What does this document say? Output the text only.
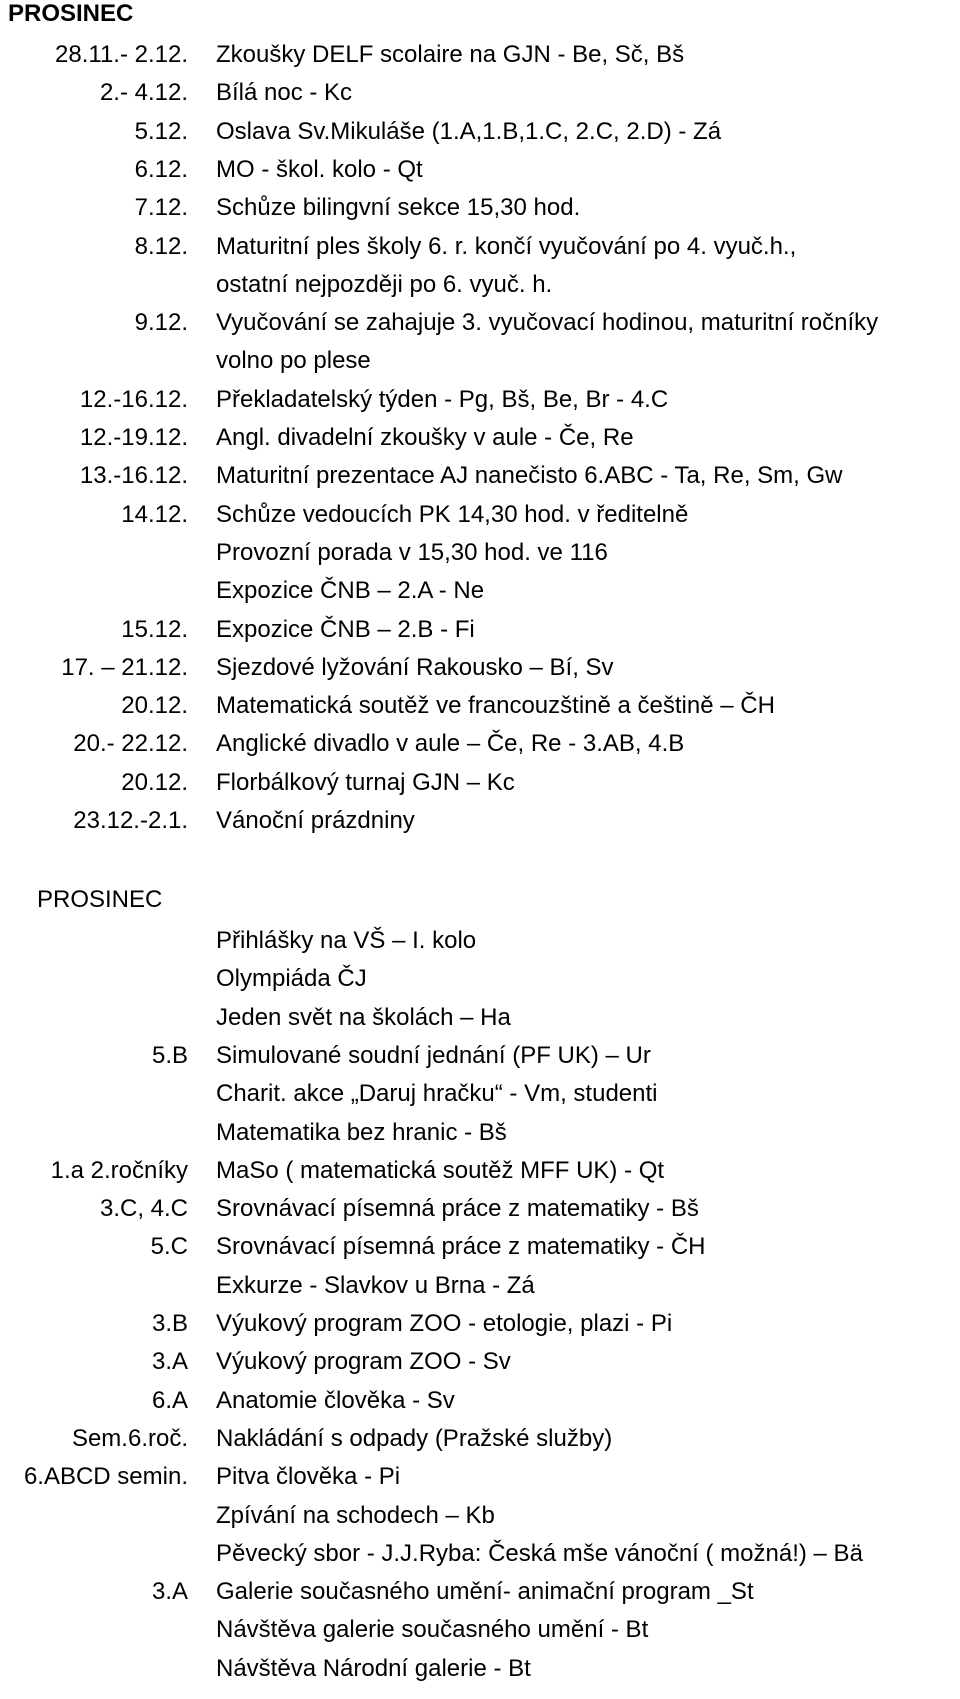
PROSINEC
28.11.- 2.12. Zkoušky DELF scolaire na GJN - Be, Sč, Bš
2.- 4.12. Bílá noc - Kc
5.12. Oslava Sv.Mikuláše (1.A,1.B,1.C, 2.C, 2.D) - Zá
6.12. MO - škol. kolo - Qt
7.12. Schůze bilingvní sekce 15,30 hod.
8.12. Maturitní ples školy 6. r. končí vyučování po 4. vyuč.h.,
ostatní nejpozději po 6. vyuč. h.
9.12. Vyučování se zahajuje 3. vyučovací hodinou, maturitní ročníky
volno po plese
12.-16.12. Překladatelský týden - Pg, Bš, Be, Br - 4.C
12.-19.12. Angl. divadelní zkoušky v aule - Če, Re
13.-16.12. Maturitní prezentace AJ nanečisto 6.ABC - Ta, Re, Sm, Gw
14.12. Schůze vedoucích PK 14,30 hod. v ředitelně
Provozní porada v 15,30 hod. ve 116
Expozice ČNB – 2.A - Ne
15.12. Expozice ČNB – 2.B - Fi
17. – 21.12. Sjezdové lyžování Rakousko – Bí, Sv
20.12. Matematická soutěž ve francouzštině a češtině – ČH
20.- 22.12. Anglické divadlo v aule – Če, Re - 3.AB, 4.B
20.12. Florbálkový turnaj GJN – Kc
23.12.-2.1. Vánoční prázdniny
PROSINEC
Přihlášky na VŠ – I. kolo
Olympiáda ČJ
Jeden svět na školách – Ha
5.B Simulované soudní jednání (PF UK) – Ur
Charit. akce „Daruj hračku“ - Vm, studenti
Matematika bez hranic - Bš
1.a 2.ročníky MaSo ( matematická soutěž MFF UK) - Qt
3.C, 4.C Srovnávací písemná práce z matematiky - Bš
5.C Srovnávací písemná práce z matematiky - ČH
Exkurze - Slavkov u Brna - Zá
3.B Výukový program ZOO - etologie, plazi - Pi
3.A Výukový program ZOO - Sv
6.A Anatomie člověka - Sv
Sem.6.roč. Nakládání s odpady (Pražské služby)
6.ABCD semin. Pitva člověka - Pi
Zpívání na schodech – Kb
Pěvecký sbor - J.J.Ryba: Česká mše vánoční ( možná!) – Bä
3.A Galerie současného umění- animační program _St
Návštěva galerie současného umění - Bt
Návštěva Národní galerie - Bt
